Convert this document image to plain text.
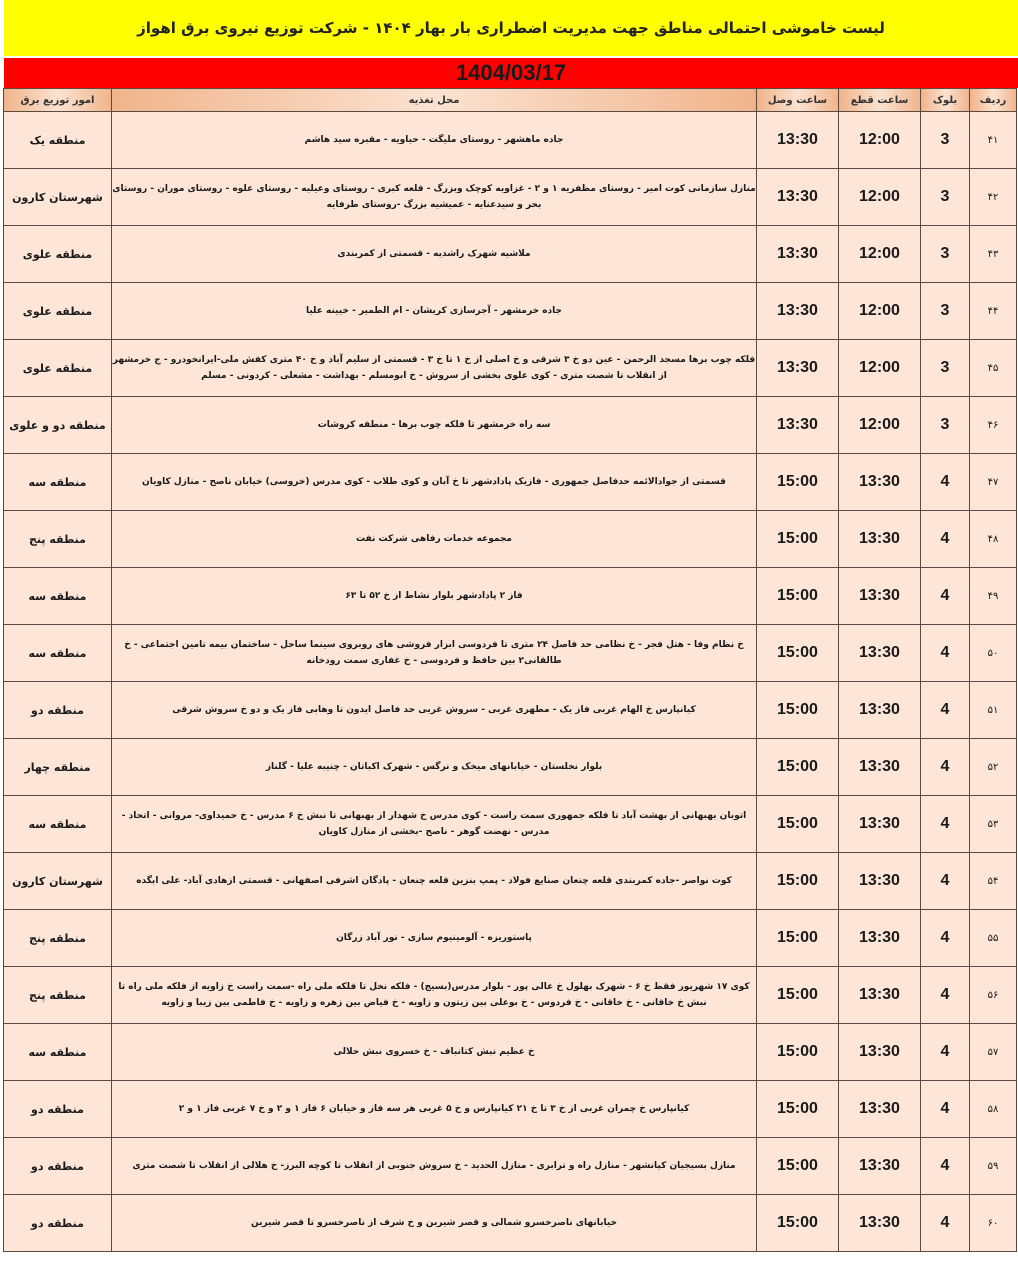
لیست خاموشی احتمالی مناطق جهت مدیریت اضطراری بار بهار ۱۴۰۴ - شرکت توزیع نیروی برق اهواز
1404/03/17
ردیف	بلوک	ساعت قطع	ساعت وصل	محل تغذیه	امور توزیع برق
۴۱	3	12:00	13:30	جاده ماهشهر - روستای ملیگت - حیاویه - مقبره سید هاشم	منطقه یک
۴۲	3	12:00	13:30	منازل سازمانی کوت امیر - روستای مظفریه ۱ و ۲ - غزاویه کوچک وبزرگ - قلعه کبری - روستای وعیلیه - روستای علوه - روستای موران - روستای بحر و سیدعنایه - عمیشیه بزرگ -روستای طرفایه	شهرستان کارون
۴۳	3	12:00	13:30	ملاشیه شهرک راشدیه - قسمتی از کمربندی	منطقه علوی
۴۴	3	12:00	13:30	جاده خرمشهر - آجرسازی کریشان - ام الطمیر - خیینه علیا	منطقه علوی
۴۵	3	12:00	13:30	فلکه چوب برها مسجد الرحمن - عین دو خ ۳ شرقی و خ اصلی از خ ۱ تا خ ۳ - قسمتی از سلیم آباد و خ ۴۰ متری کفش ملی-ایرانخودرو - ج خرمشهر از انقلاب تا شصت متری - کوی علوی بخشی از سروش - خ ابومسلم - بهداشت - مشعلی - کردونی - مسلم	منطقه علوی
۴۶	3	12:00	13:30	سه راه خرمشهر تا فلکه چوب برها - منطقه کروشات	منطقه دو و علوی
۴۷	4	13:30	15:00	قسمتی از جوادالائمه حدفاصل جمهوری - فازیک پادادشهر تا خ آبان و کوی طلاب - کوی مدرس (خروسی) خیابان ناصح - منازل کاویان	منطقه سه
۴۸	4	13:30	15:00	مجموعه خدمات رفاهی شرکت نفت	منطقه پنج
۴۹	4	13:30	15:00	فاز ۲ پادادشهر بلوار نشاط از خ ۵۲ تا ۶۳	منطقه سه
۵۰	4	13:30	15:00	خ نظام وفا - هتل فجر - خ نظامی حد فاصل ۲۴ متری تا فردوسی ابزار فروشی های روبروی سینما ساحل - ساختمان بیمه تامین اجتماعی - خ طالقانی۲ بین حافظ و فردوسی - خ غفاری سمت رودخانه	منطقه سه
۵۱	4	13:30	15:00	کیانپارس خ الهام غربی فاز یک - مطهری غربی - سروش غربی حد فاصل ایدون تا وهابی فاز یک و دو خ سروش شرقی	منطقه دو
۵۲	4	13:30	15:00	بلوار نخلستان - خیابانهای میخک و نرگس - شهرک اکباتان - چنیبه علیا - گلناز	منطقه چهار
۵۳	4	13:30	15:00	اتوبان بهبهانی از بهشت آباد تا فلکه جمهوری سمت راست - کوی مدرس خ شهدار از بهبهانی تا نبش خ ۶ مدرس - خ حمیداوی- مروانی - اتحاد - مدرس - نهضت گوهر - ناصح -بخشی از منازل کاویان	منطقه سه
۵۴	4	13:30	15:00	کوت نواصر -جاده کمربندی قلعه چنعان صنایع فولاد - پمپ بنزین قلعه چنعان - پادگان اشرفی اصفهانی - قسمتی ازهادی آباد- علی ابگده	شهرستان کارون
۵۵	4	13:30	15:00	پاستوریزه - آلومینیوم سازی - نور آباد زرگان	منطقه پنج
۵۶	4	13:30	15:00	کوی ۱۷ شهریور فقط خ ۶ - شهرک بهلول خ عالی پور - بلوار مدرس(بسیج) - فلکه نخل تا فلکه ملی راه -سمت راست خ زاویه از فلکه ملی راه تا نبش خ خاقانی - خ خاقانی - خ فردوس - خ بوعلی بین زیتون و زاویه - خ فیاض بین زهره و زاویه - خ فاطمی بین زیبا و زاویه	منطقه پنج
۵۷	4	13:30	15:00	خ عظیم نبش کتانباف - خ خسروی نبش حلالی	منطقه سه
۵۸	4	13:30	15:00	کیانپارس خ چمران غربی از خ ۳ تا خ ۲۱ کیانپارس و خ ۵ غربی هر سه فاز و خیابان ۶ فاز ۱ و ۲ و خ ۷ غربی فاز ۱ و ۲	منطقه دو
۵۹	4	13:30	15:00	منازل بسیجیان کیانشهر - منازل راه و ترابری - منازل الحدید - خ سروش جنوبی از انقلاب تا کوچه البرز- خ هلالی از انقلاب تا شصت متری	منطقه دو
۶۰	4	13:30	15:00	خیابانهای ناصرخسرو شمالی و قصر شیرین و خ شرف از ناصرخسرو تا قصر شیرین	منطقه دو
